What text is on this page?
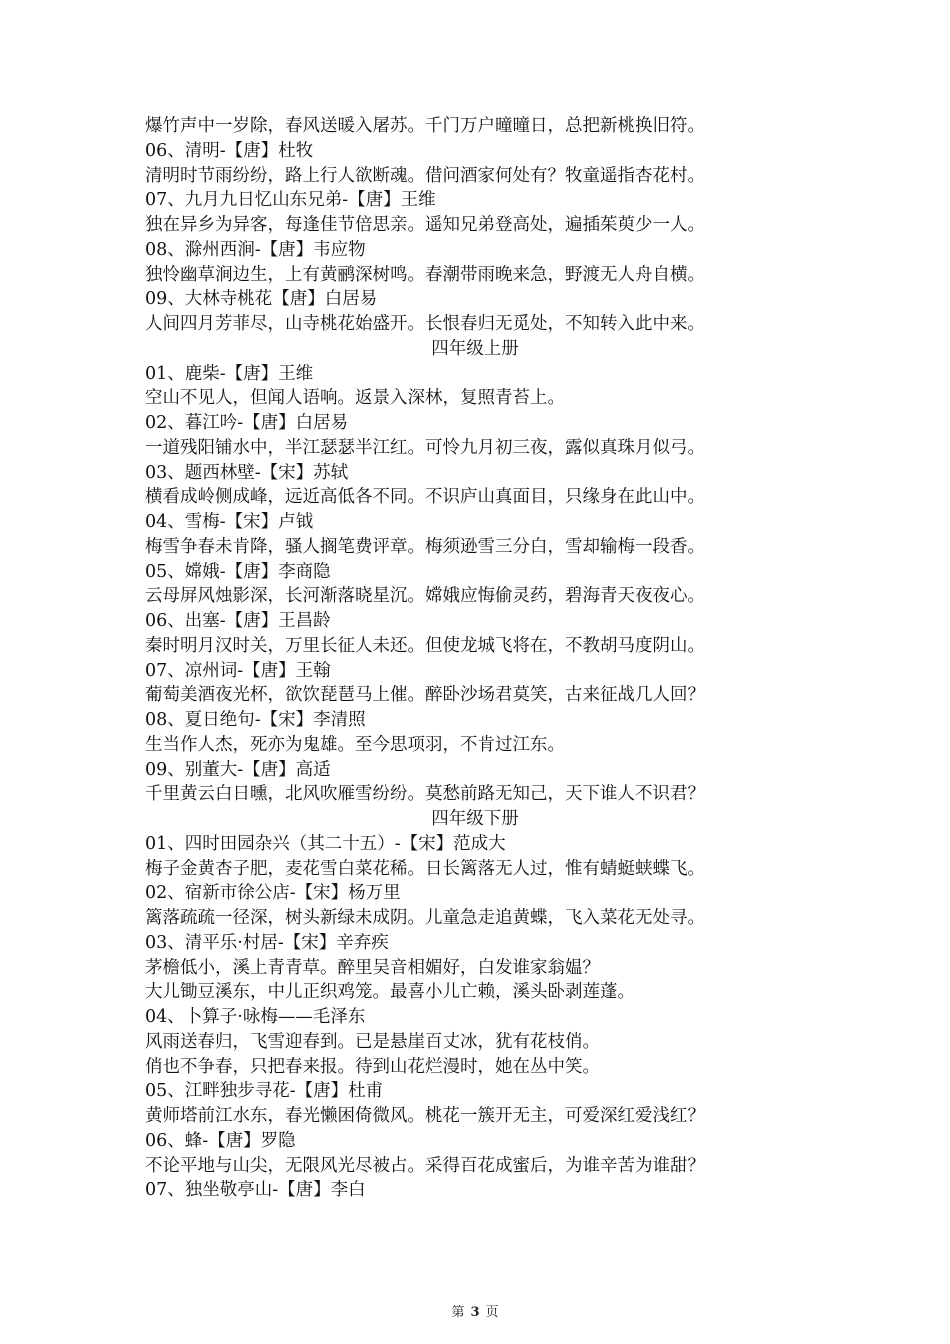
爆竹声中一岁除，春风送暖入屠苏。千门万户曈曈日，总把新桃换旧符。
06、清明-【唐】杜牧
清明时节雨纷纷，路上行人欲断魂。借问酒家何处有？牧童遥指杏花村。
07、九月九日忆山东兄弟-【唐】王维
独在异乡为异客，每逢佳节倍思亲。遥知兄弟登高处，遍插茱萸少一人。
08、滁州西涧-【唐】韦应物
独怜幽草涧边生，上有黄鹂深树鸣。春潮带雨晚来急，野渡无人舟自横。
09、大林寺桃花【唐】白居易
人间四月芳菲尽，山寺桃花始盛开。长恨春归无觅处，不知转入此中来。
四年级上册
01、鹿柴-【唐】王维
空山不见人，但闻人语响。返景入深林，复照青苔上。
02、暮江吟-【唐】白居易
一道残阳铺水中，半江瑟瑟半江红。可怜九月初三夜，露似真珠月似弓。
03、题西林壁-【宋】苏轼
横看成岭侧成峰，远近高低各不同。不识庐山真面目，只缘身在此山中。
04、雪梅-【宋】卢钺
梅雪争春未肯降，骚人搁笔费评章。梅须逊雪三分白，雪却输梅一段香。
05、嫦娥-【唐】李商隐
云母屏风烛影深，长河渐落晓星沉。嫦娥应悔偷灵药，碧海青天夜夜心。
06、出塞-【唐】王昌龄
秦时明月汉时关，万里长征人未还。但使龙城飞将在，不教胡马度阴山。
07、凉州词-【唐】王翰
葡萄美酒夜光杯，欲饮琵琶马上催。醉卧沙场君莫笑，古来征战几人回？
08、夏日绝句-【宋】李清照
生当作人杰，死亦为鬼雄。至今思项羽，不肯过江东。
09、别董大-【唐】高适
千里黄云白日曛，北风吹雁雪纷纷。莫愁前路无知己，天下谁人不识君？
四年级下册
01、四时田园杂兴（其二十五）-【宋】范成大
梅子金黄杏子肥，麦花雪白菜花稀。日长篱落无人过，惟有蜻蜓蛱蝶飞。
02、宿新市徐公店-【宋】杨万里
篱落疏疏一径深，树头新绿未成阴。儿童急走追黄蝶，飞入菜花无处寻。
03、清平乐·村居-【宋】辛弃疾
茅檐低小，溪上青青草。醉里吴音相媚好，白发谁家翁媪？
大儿锄豆溪东，中儿正织鸡笼。最喜小儿亡赖，溪头卧剥莲蓬。
04、卜算子·咏梅——毛泽东
风雨送春归，飞雪迎春到。已是悬崖百丈冰，犹有花枝俏。
俏也不争春，只把春来报。待到山花烂漫时，她在丛中笑。
05、江畔独步寻花-【唐】杜甫
黄师塔前江水东，春光懒困倚微风。桃花一簇开无主，可爱深红爱浅红？
06、蜂-【唐】罗隐
不论平地与山尖，无限风光尽被占。采得百花成蜜后，为谁辛苦为谁甜？
07、独坐敬亭山-【唐】李白
第 3 页
